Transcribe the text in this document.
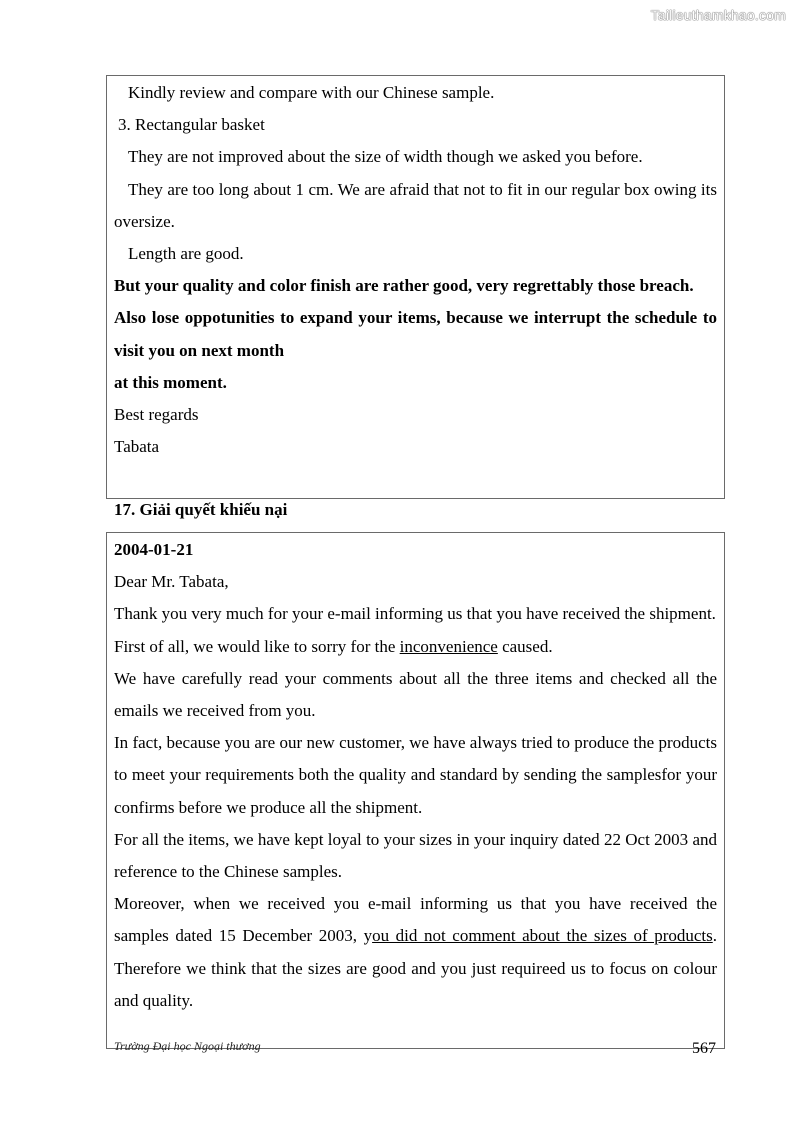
Tailieuthamkhao.com

Kindly review and compare with our Chinese sample.

3. Rectangular basket

They are not improved about the size of width though we asked you before.

They are too long about 1 cm. We are afraid that not to fit in our regular box owing its oversize.

Length are good.

But your quality and color finish are rather good, very regrettably those breach.

Also lose oppotunities to expand your items, because we interrupt the schedule to visit you on next month

at this moment.

Best regards

Tabata

17. Giải quyết khiếu nại

2004-01-21

Dear Mr. Tabata,

Thank you very much for your e-mail informing us that you have received the shipment.

First of all, we would like to sorry for the inconvenience caused.

We have carefully read your comments about all the three items and checked all the emails we received from you.

In fact, because you are our new customer, we have always tried to produce the products to meet your requirements both the quality and standard by sending the samplesfor your confirms before we produce all the shipment.

For all the items, we have kept loyal to your sizes in your inquiry dated 22 Oct 2003 and reference to the Chinese samples.

Moreover, when we received you e-mail informing us that you have received the samples dated 15 December 2003, you did not comment about the sizes of products. Therefore we think that the sizes are good and you just requireed us to focus on colour and quality.

Trường Đại học Ngoại thương	567
